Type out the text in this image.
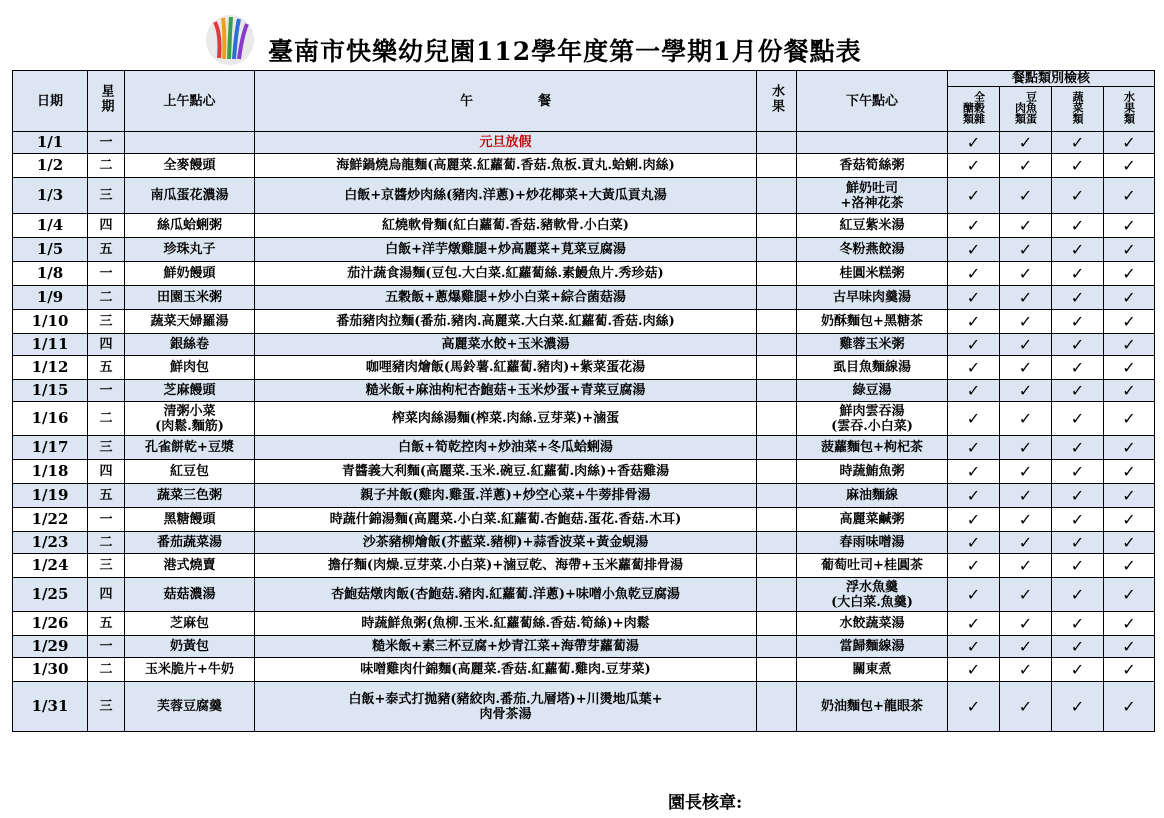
臺南市快樂幼兒園112學年度第一學期1月份餐點表
日期	星期	上午點心	午　　　　　餐	水果	下午點心	餐點類別檢核			
						醣類全穀雜	肉類豆魚蛋	蔬菜類	水果類
1/1	一		元旦放假			✓	✓	✓	✓
1/2	二	全麥饅頭	海鮮鍋燒烏龍麵(高麗菜.紅蘿蔔.香菇.魚板.貢丸.蛤蜊.肉絲)		香菇筍絲粥	✓	✓	✓	✓
1/3	三	南瓜蛋花濃湯	白飯+京醬炒肉絲(豬肉.洋蔥)+炒花椰菜+大黃瓜貢丸湯		鮮奶吐司
+洛神花茶	✓	✓	✓	✓
1/4	四	絲瓜蛤蜊粥	紅燒軟骨麵(紅白蘿蔔.香菇.豬軟骨.小白菜)		紅豆紫米湯	✓	✓	✓	✓
1/5	五	珍珠丸子	白飯+洋芋燉雞腿+炒高麗菜+莧菜豆腐湯		冬粉燕餃湯	✓	✓	✓	✓
1/8	一	鮮奶饅頭	茄汁蔬食湯麵(豆包.大白菜.紅蘿蔔絲.素鰻魚片.秀珍菇)		桂圓米糕粥	✓	✓	✓	✓
1/9	二	田園玉米粥	五穀飯+蔥爆雞腿+炒小白菜+綜合菌菇湯		古早味肉羹湯	✓	✓	✓	✓
1/10	三	蔬菜天婦羅湯	番茄豬肉拉麵(番茄.豬肉.高麗菜.大白菜.紅蘿蔔.香菇.肉絲)		奶酥麵包+黑糖茶	✓	✓	✓	✓
1/11	四	銀絲卷	高麗菜水餃+玉米濃湯		雞蓉玉米粥	✓	✓	✓	✓
1/12	五	鮮肉包	咖哩豬肉燴飯(馬鈴薯.紅蘿蔔.豬肉)+紫菜蛋花湯		虱目魚麵線湯	✓	✓	✓	✓
1/15	一	芝麻饅頭	糙米飯+麻油枸杞杏鮑菇+玉米炒蛋+青菜豆腐湯		綠豆湯	✓	✓	✓	✓
1/16	二	清粥小菜
(肉鬆.麵筋)	榨菜肉絲湯麵(榨菜.肉絲.豆芽菜)+滷蛋		鮮肉雲吞湯
(雲吞.小白菜)	✓	✓	✓	✓
1/17	三	孔雀餅乾+豆漿	白飯+筍乾控肉+炒油菜+冬瓜蛤蜊湯		菠蘿麵包+枸杞茶	✓	✓	✓	✓
1/18	四	紅豆包	青醬義大利麵(高麗菜.玉米.碗豆.紅蘿蔔.肉絲)+香菇雞湯		時蔬鮪魚粥	✓	✓	✓	✓
1/19	五	蔬菜三色粥	親子丼飯(雞肉.雞蛋.洋蔥)+炒空心菜+牛蒡排骨湯		麻油麵線	✓	✓	✓	✓
1/22	一	黑糖饅頭	時蔬什錦湯麵(高麗菜.小白菜.紅蘿蔔.杏鮑菇.蛋花.香菇.木耳)		高麗菜鹹粥	✓	✓	✓	✓
1/23	二	番茄蔬菜湯	沙茶豬柳燴飯(芥藍菜.豬柳)+蒜香波菜+黃金蜆湯		春雨味噌湯	✓	✓	✓	✓
1/24	三	港式燒賣	擔仔麵(肉燥.豆芽菜.小白菜)+滷豆乾、海帶+玉米蘿蔔排骨湯		葡萄吐司+桂圓茶	✓	✓	✓	✓
1/25	四	菇菇濃湯	杏鮑菇燉肉飯(杏鮑菇.豬肉.紅蘿蔔.洋蔥)+味噌小魚乾豆腐湯		浮水魚羹
(大白菜.魚羹)	✓	✓	✓	✓
1/26	五	芝麻包	時蔬鮮魚粥(魚柳.玉米.紅蘿蔔絲.香菇.筍絲)+肉鬆		水餃蔬菜湯	✓	✓	✓	✓
1/29	一	奶黃包	糙米飯+素三杯豆腐+炒青江菜+海帶芽蘿蔔湯		當歸麵線湯	✓	✓	✓	✓
1/30	二	玉米脆片+牛奶	味噌雞肉什錦麵(高麗菜.香菇.紅蘿蔔.雞肉.豆芽菜)		關東煮	✓	✓	✓	✓
1/31	三	芙蓉豆腐羹	白飯+泰式打拋豬(豬絞肉.番茄.九層塔)+川燙地瓜葉+
肉骨茶湯		奶油麵包+龍眼茶	✓	✓	✓	✓
園長核章:
